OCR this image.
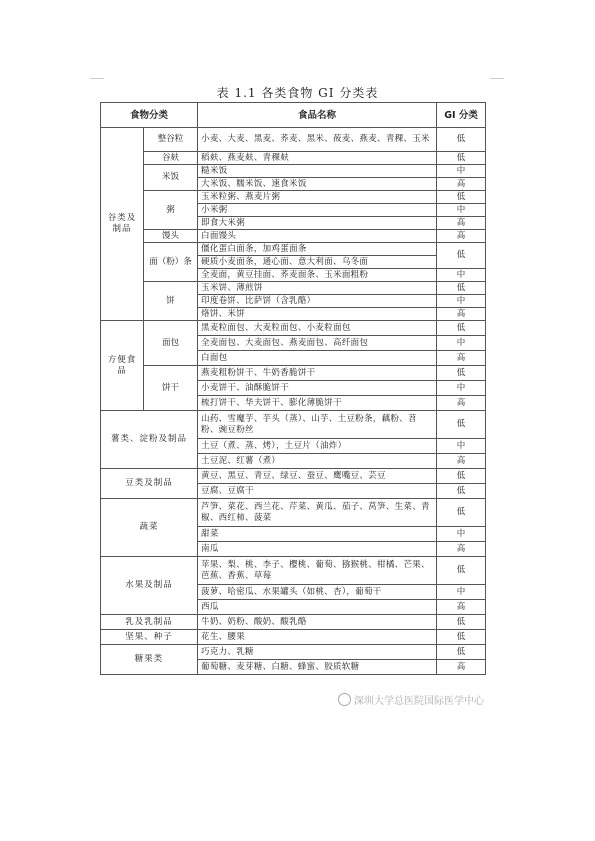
表 1.1 各类食物 GI 分类表
食物分类		食品名称	GI 分类
谷类及制品	整谷粒	小麦、大麦、黑麦、荞麦、黑米、莜麦、燕麦、青稞、玉米	低
	谷麸	稻麸、燕麦麸、青稞麸	低
	米饭	糙米饭	中
		大米饭、糯米饭、速食米饭	高
	粥	玉米粒粥、燕麦片粥	低
		小米粥	中
		即食大米粥	高
	馒头	白面馒头	高
	面（粉）条	僵化蛋白面条，加鸡蛋面条	低
		硬质小麦面条，通心面、意大利面、乌冬面	
		全麦面，黄豆挂面、荞麦面条、玉米面粗粉	中
	饼	玉米饼、薄煎饼	低
		印度卷饼、比萨饼（含乳酪）	中
		烙饼、米饼	高
方便食品	面包	黑麦粒面包、大麦粒面包、小麦粒面包	低
		全麦面包、大麦面包、燕麦面包、高纤面包	中
		白面包	高
	饼干	燕麦粗粉饼干、牛奶香脆饼干	低
		小麦饼干、油酥脆饼干	中
		梳打饼干、华夫饼干、膨化薄脆饼干	高
薯类、淀粉及制品		山药、雪魔芋、芋头（蒸）、山芋、土豆粉条，藕粉、苕粉、豌豆粉丝	低
		土豆（煮、蒸、烤），土豆片（油炸）	中
		土豆泥、红薯（煮）	高
豆类及制品		黄豆、黑豆、青豆、绿豆、蚕豆、鹰嘴豆、芸豆	低
		豆腐、豆腐干	低
蔬菜		芦笋、菜花、西兰花、芹菜、黄瓜、茄子、莴笋、生菜、青椒、西红柿、菠菜	低
		甜菜	中
		南瓜	高
水果及制品		苹果、梨、桃、李子、樱桃、葡萄、猕猴桃、柑橘、芒果、芭蕉、香蕉、草莓	低
		菠萝、哈密瓜、水果罐头（如桃、杏），葡萄干	中
		西瓜	高
乳及乳制品		牛奶、奶粉、酸奶、酸乳酪	低
坚果、种子		花生、腰果	低
糖果类		巧克力、乳糖	低
		葡萄糖、麦芽糖、白糖、蜂蜜、胶质软糖	高
深圳大学总医院国际医学中心
